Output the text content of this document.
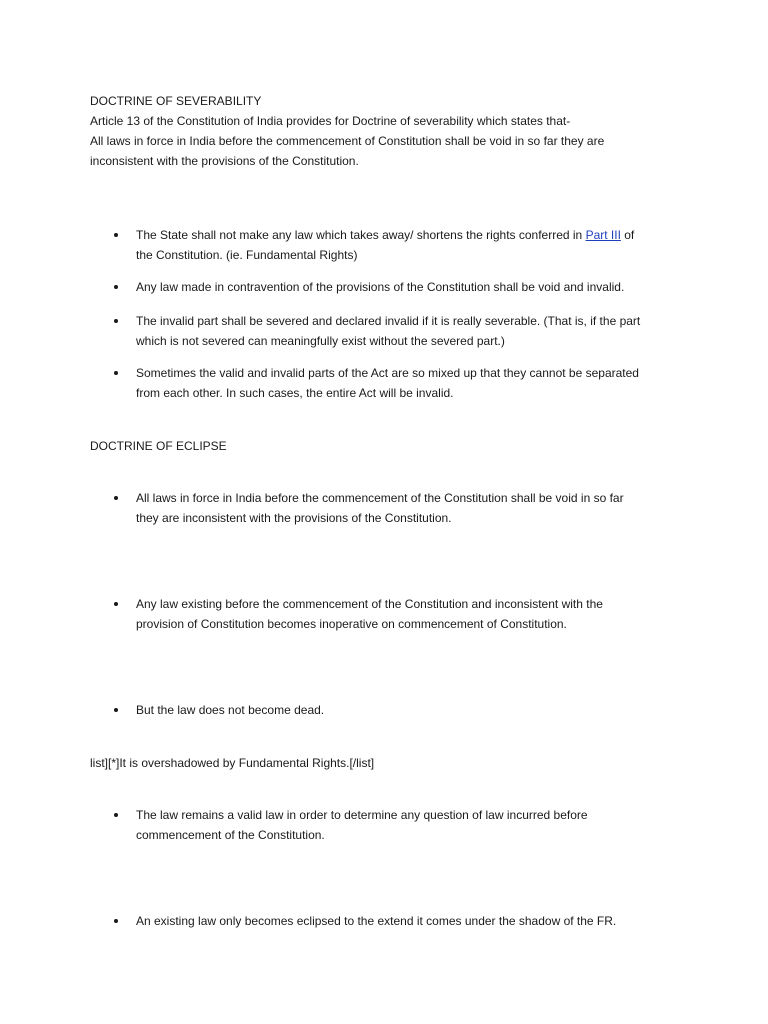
DOCTRINE OF SEVERABILITY
Article 13 of the Constitution of India provides for Doctrine of severability which states that-
All laws in force in India before the commencement of Constitution shall be void in so far they are
inconsistent with the provisions of the Constitution.
The State shall not make any law which takes away/ shortens the rights conferred in Part III of
the Constitution. (ie. Fundamental Rights)
Any law made in contravention of the provisions of the Constitution shall be void and invalid.
The invalid part shall be severed and declared invalid if it is really severable. (That is, if the part
which is not severed can meaningfully exist without the severed part.)
Sometimes the valid and invalid parts of the Act are so mixed up that they cannot be separated
from each other. In such cases, the entire Act will be invalid.
DOCTRINE OF ECLIPSE
All laws in force in India before the commencement of the Constitution shall be void in so far
they are inconsistent with the provisions of the Constitution.
Any law existing before the commencement of the Constitution and inconsistent with the
provision of Constitution becomes inoperative on commencement of Constitution.
But the law does not become dead.
list][*]It is overshadowed by Fundamental Rights.[/list]
The law remains a valid law in order to determine any question of law incurred before
commencement of the Constitution.
An existing law only becomes eclipsed to the extend it comes under the shadow of the FR.
